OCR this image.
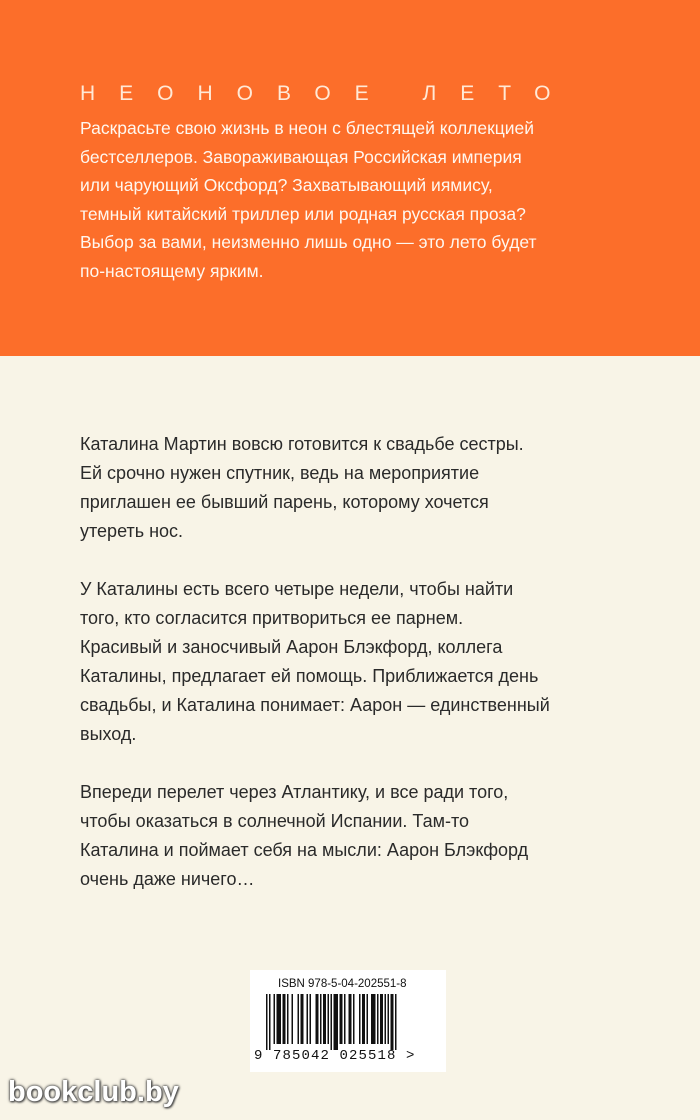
НЕОНОВОЕ ЛЕТО
Раскрасьте свою жизнь в неон с блестящей коллекцией
бестселлеров. Завораживающая Российская империя
или чарующий Оксфорд? Захватывающий иямису,
темный китайский триллер или родная русская проза?
Выбор за вами, неизменно лишь одно — это лето будет
по-настоящему ярким.

Каталина Мартин вовсю готовится к свадьбе сестры.
Ей срочно нужен спутник, ведь на мероприятие
приглашен ее бывший парень, которому хочется
утереть нос.

У Каталины есть всего четыре недели, чтобы найти
того, кто согласится притвориться ее парнем.
Красивый и заносчивый Аарон Блэкфорд, коллега
Каталины, предлагает ей помощь. Приближается день
свадьбы, и Каталина понимает: Аарон — единственный
выход.

Впереди перелет через Атлантику, и все ради того,
чтобы оказаться в солнечной Испании. Там-то
Каталина и поймает себя на мысли: Аарон Блэкфорд
очень даже ничего…

ISBN 978-5-04-202551-8
9 785042 025518 >
bookclub.by
